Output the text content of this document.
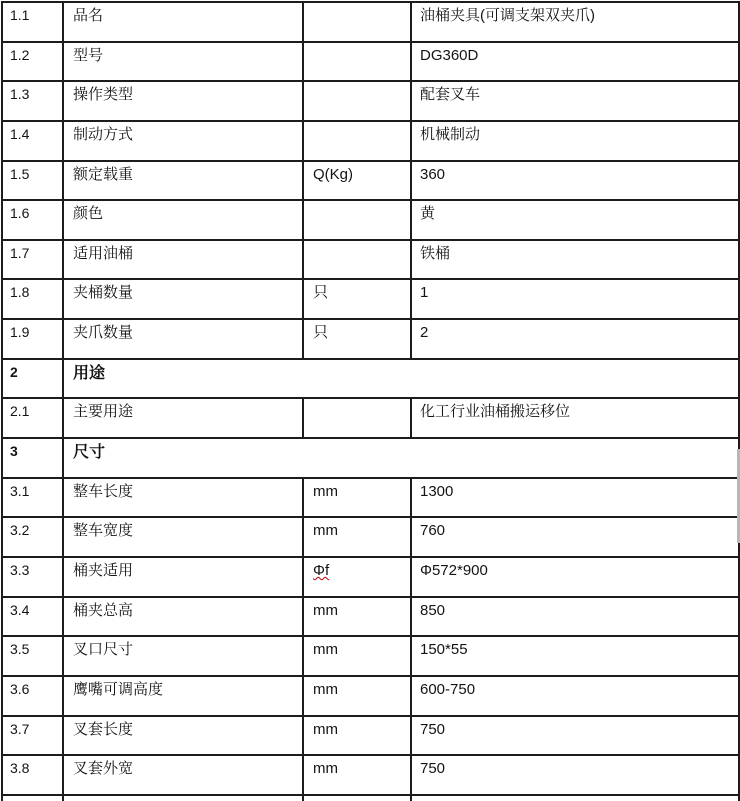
1.1	品名		油桶夹具(可调支架双夹爪)
1.2	型号		DG360D
1.3	操作类型		配套叉车
1.4	制动方式		机械制动
1.5	额定载重	Q(Kg)	360
1.6	颜色		黄
1.7	适用油桶		铁桶
1.8	夹桶数量	只	1
1.9	夹爪数量	只	2
2	用途		
2.1	主要用途		化工行业油桶搬运移位
3	尺寸		
3.1	整车长度	mm	1300
3.2	整车宽度	mm	760
3.3	桶夹适用	Φf	Φ572*900
3.4	桶夹总高	mm	850
3.5	叉口尺寸	mm	150*55
3.6	鹰嘴可调高度	mm	600-750
3.7	叉套长度	mm	750
3.8	叉套外宽	mm	750
